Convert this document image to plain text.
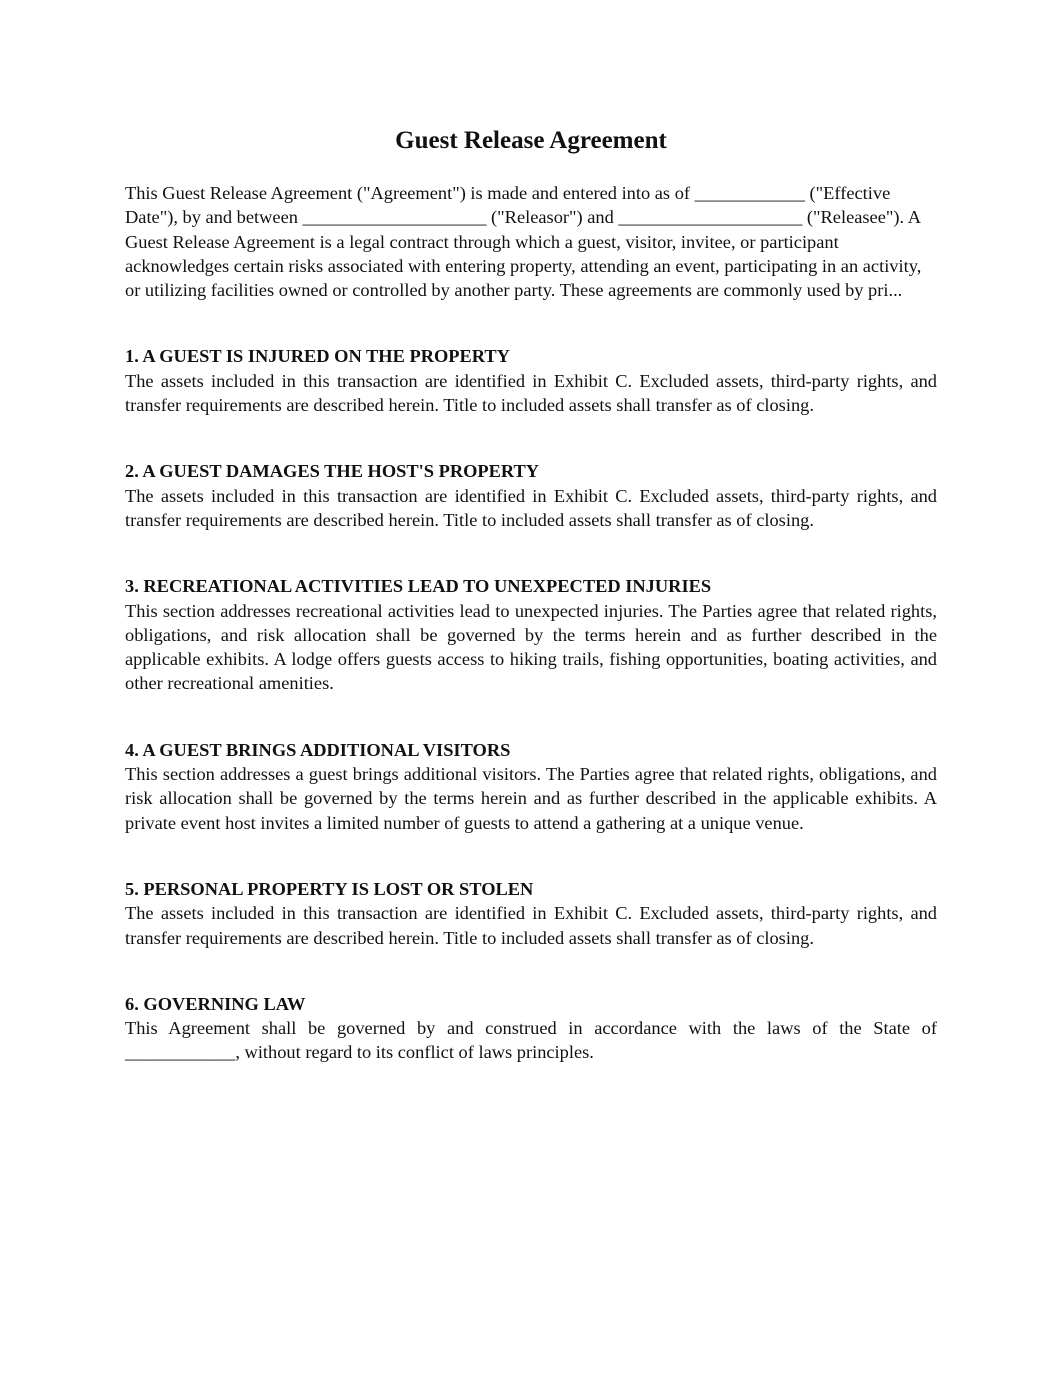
Guest Release Agreement

This Guest Release Agreement ("Agreement") is made and entered into as of ____________ ("Effective Date"), by and between ____________________ ("Releasor") and ____________________ ("Releasee"). A Guest Release Agreement is a legal contract through which a guest, visitor, invitee, or participant acknowledges certain risks associated with entering property, attending an event, participating in an activity, or utilizing facilities owned or controlled by another party. These agreements are commonly used by pri...

1. A GUEST IS INJURED ON THE PROPERTY

The assets included in this transaction are identified in Exhibit C. Excluded assets, third-party rights, and transfer requirements are described herein. Title to included assets shall transfer as of closing.

2. A GUEST DAMAGES THE HOST'S PROPERTY

The assets included in this transaction are identified in Exhibit C. Excluded assets, third-party rights, and transfer requirements are described herein. Title to included assets shall transfer as of closing.

3. RECREATIONAL ACTIVITIES LEAD TO UNEXPECTED INJURIES

This section addresses recreational activities lead to unexpected injuries. The Parties agree that related rights, obligations, and risk allocation shall be governed by the terms herein and as further described in the applicable exhibits. A lodge offers guests access to hiking trails, fishing opportunities, boating activities, and other recreational amenities.

4. A GUEST BRINGS ADDITIONAL VISITORS

This section addresses a guest brings additional visitors. The Parties agree that related rights, obligations, and risk allocation shall be governed by the terms herein and as further described in the applicable exhibits. A private event host invites a limited number of guests to attend a gathering at a unique venue.

5. PERSONAL PROPERTY IS LOST OR STOLEN

The assets included in this transaction are identified in Exhibit C. Excluded assets, third-party rights, and transfer requirements are described herein. Title to included assets shall transfer as of closing.

6. GOVERNING LAW

This Agreement shall be governed by and construed in accordance with the laws of the State of ____________, without regard to its conflict of laws principles.
